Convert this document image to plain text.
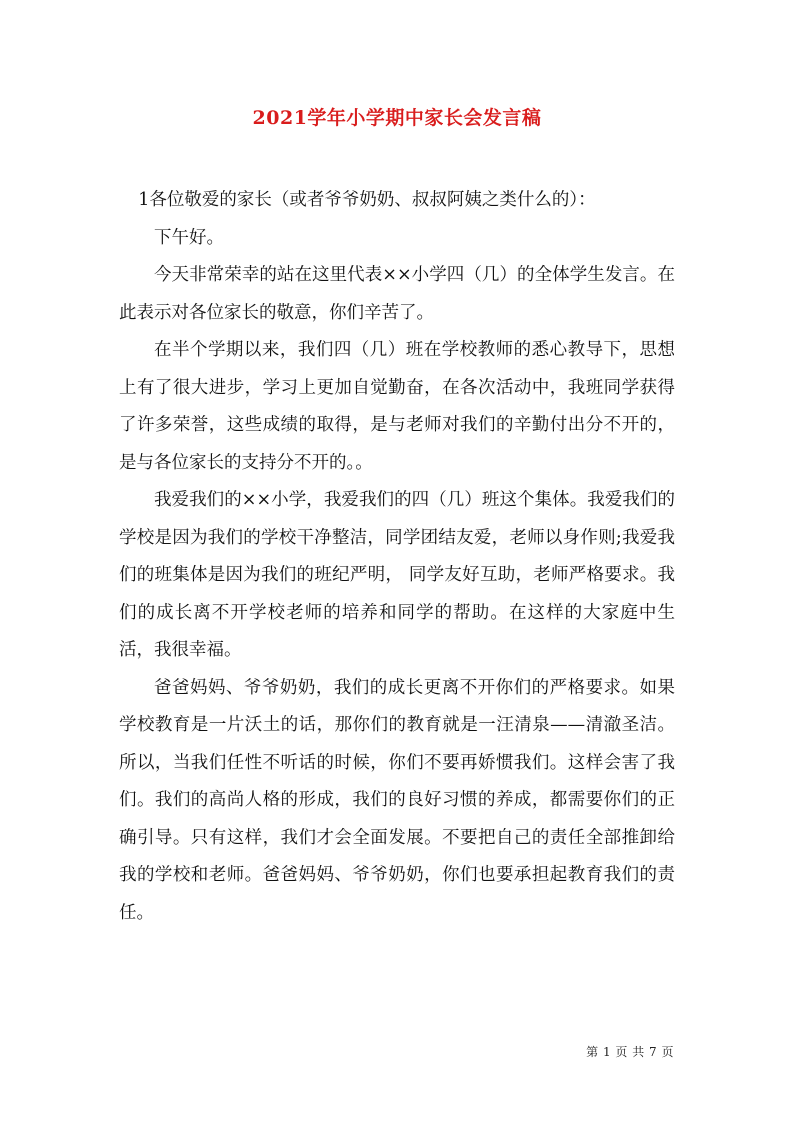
2021学年小学期中家长会发言稿

1各位敬爱的家长（或者爷爷奶奶、叔叔阿姨之类什么的）：

下午好。

今天非常荣幸的站在这里代表××小学四（几）的全体学生发言。在此表示对各位家长的敬意，你们辛苦了。

在半个学期以来，我们四（几）班在学校教师的悉心教导下，思想上有了很大进步，学习上更加自觉勤奋，在各次活动中，我班同学获得了许多荣誉，这些成绩的取得，是与老师对我们的辛勤付出分不开的，是与各位家长的支持分不开的。。

我爱我们的××小学，我爱我们的四（几）班这个集体。我爱我们的学校是因为我们的学校干净整洁，同学团结友爱，老师以身作则;我爱我们的班集体是因为我们的班纪严明， 同学友好互助，老师严格要求。我们的成长离不开学校老师的培养和同学的帮助。在这样的大家庭中生活，我很幸福。

爸爸妈妈、爷爷奶奶，我们的成长更离不开你们的严格要求。如果学校教育是一片沃土的话，那你们的教育就是一汪清泉——清澈圣洁。所以，当我们任性不听话的时候，你们不要再娇惯我们。这样会害了我们。我们的高尚人格的形成，我们的良好习惯的养成，都需要你们的正确引导。只有这样，我们才会全面发展。不要把自己的责任全部推卸给我的学校和老师。爸爸妈妈、爷爷奶奶，你们也要承担起教育我们的责任。

第 1 页 共 7 页
